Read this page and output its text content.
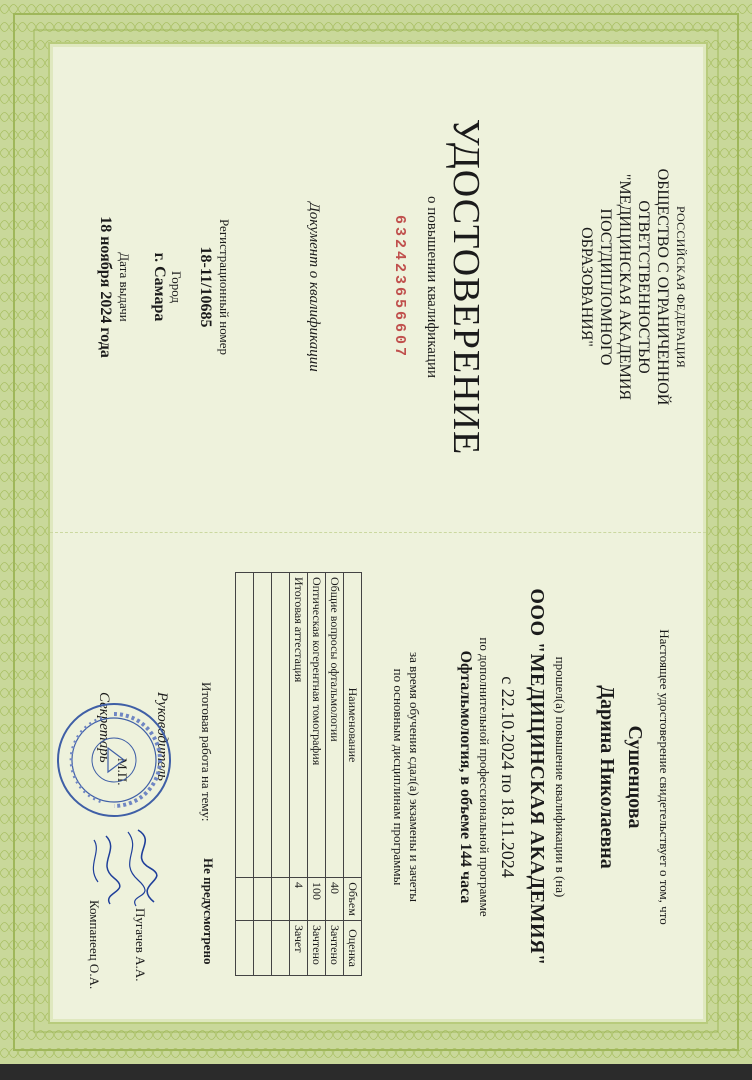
РОССИЙСКАЯ ФЕДЕРАЦИЯ
ОБЩЕСТВО С ОГРАНИЧЕННОЙ
ОТВЕТСТВЕННОСТЬЮ
"МЕДИЦИНСКАЯ АКАДЕМИЯ
ПОСТДИПЛОМНОГО
ОБРАЗОВАНИЯ"
УДОСТОВЕРЕНИЕ
о повышении квалификации
632423656607
Документ о квалификации
Регистрационный номер
18-11/10685
Город
г. Самара
Дата выдачи
18 ноября 2024 года
Настоящее удостоверение свидетельствует о том, что
Сушенцова
Дарина Николаевна
прошел(а) повышение квалификации в (на)
ООО "МЕДИЦИНСКАЯ АКАДЕМИЯ"
с 22.10.2024 по 18.11.2024
по дополнительной профессиональной программе
Офтальмология, в объеме 144 часа
за время обучения сдал(а) экзамены и зачеты
по основным дисциплинам программы
Наименование	Объем	Оценка
Общие вопросы офтальмологии	40	Зачтено
Оптическая когерентная томография	100	Зачтено
Итоговая аттестация	4	Зачет

Итоговая работа на тему:
Не предусмотрено
Руководитель
Секретарь
Пугачев А.А.
Компанеец О.А.
М.П.
